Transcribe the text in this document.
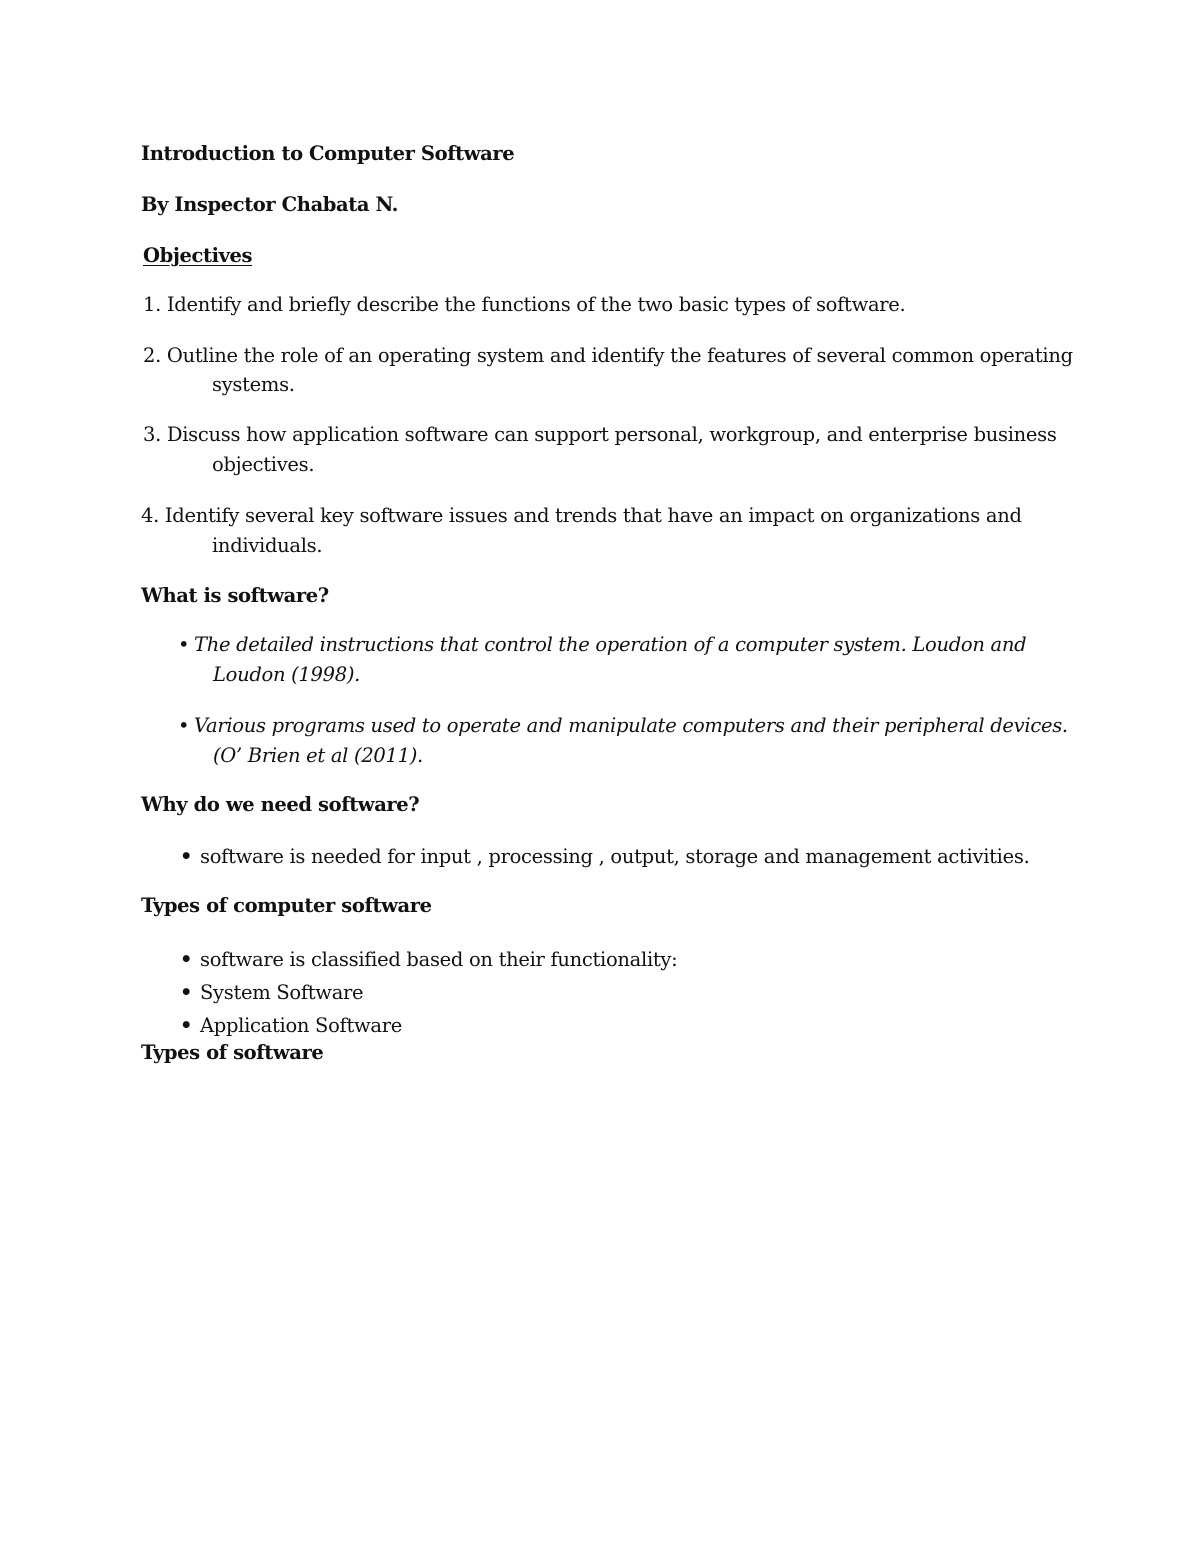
Introduction to Computer Software
By Inspector Chabata N.
Objectives
1. Identify and briefly describe the functions of the two basic types of software.
2. Outline the role of an operating system and identify the features of several common operating
systems.
3. Discuss how application software can support personal, workgroup, and enterprise business
objectives.
4. Identify several key software issues and trends that have an impact on organizations and
individuals.
What is software?
• The detailed instructions that control the operation of a computer system. Loudon and
Loudon (1998).
• Various programs used to operate and manipulate computers and their peripheral devices.
(O’ Brien et al (2011).
Why do we need software?
• software is needed for input , processing , output, storage and management activities.
Types of computer software
• software is classified based on their functionality:
• System Software
• Application Software
Types of software
